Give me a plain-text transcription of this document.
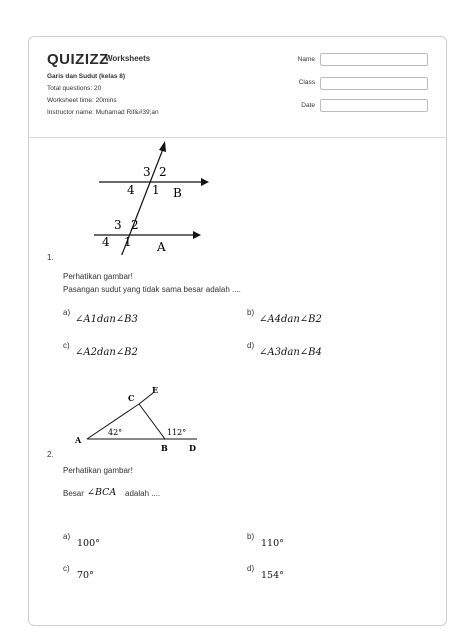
QUIZIZZ
Worksheets
Garis dan Sudut (kelas 8)
Total questions: 20
Worksheet time: 20mins
Instructor name: Muhamad Rif&#39;an
Name
Class
Date
3 2
4 1 B
3 2
4 1 A
1.
Perhatikan gambar!
Pasangan sudut yang tidak sama besar adalah ....
a)
∠A1dan∠B3
b)
∠A4dan∠B2
c)
∠A2dan∠B2
d)
∠A3dan∠B4
C
E
A
B	D
42°	112°
2.
Perhatikan gambar!
Besar ∠BCA adalah ....
a)
100°
b)
110°
c)
70°
d)
154°
